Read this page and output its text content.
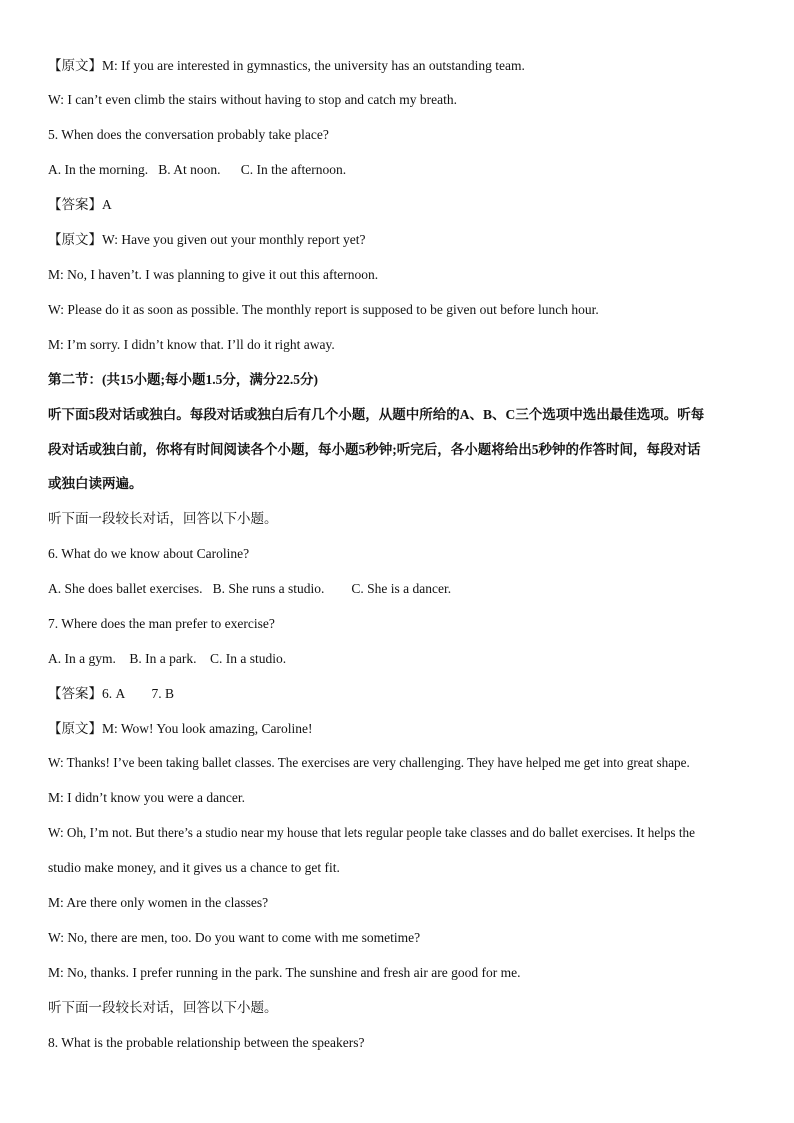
【原文】M: If you are interested in gymnastics, the university has an outstanding team.
W: I can’t even climb the stairs without having to stop and catch my breath.
5. When does the conversation probably take place?
A. In the morning. B. At noon. C. In the afternoon.
【答案】A
【原文】W: Have you given out your monthly report yet?
M: No, I haven’t. I was planning to give it out this afternoon.
W: Please do it as soon as possible. The monthly report is supposed to be given out before lunch hour.
M: I’m sorry. I didn’t know that. I’ll do it right away.
第二节：(共15小题;每小题1.5分，满分22.5分)
听下面5段对话或独白。每段对话或独白后有几个小题，从题中所给的A、B、C三个选项中选出最佳选项。听每
段对话或独白前，你将有时间阅读各个小题，每小题5秒钟;听完后，各小题将给出5秒钟的作答时间，每段对话
或独白读两遍。
听下面一段较长对话，回答以下小题。
6. What do we know about Caroline?
A. She does ballet exercises. B. She runs a studio. C. She is a dancer.
7. Where does the man prefer to exercise?
A. In a gym. B. In a park. C. In a studio.
【答案】6. A        7. B
【原文】M: Wow! You look amazing, Caroline!
W: Thanks! I’ve been taking ballet classes. The exercises are very challenging. They have helped me get into great shape.
M: I didn’t know you were a dancer.
W: Oh, I’m not. But there’s a studio near my house that lets regular people take classes and do ballet exercises. It helps the
studio make money, and it gives us a chance to get fit.
M: Are there only women in the classes?
W: No, there are men, too. Do you want to come with me sometime?
M: No, thanks. I prefer running in the park. The sunshine and fresh air are good for me.
听下面一段较长对话，回答以下小题。
8. What is the probable relationship between the speakers?
